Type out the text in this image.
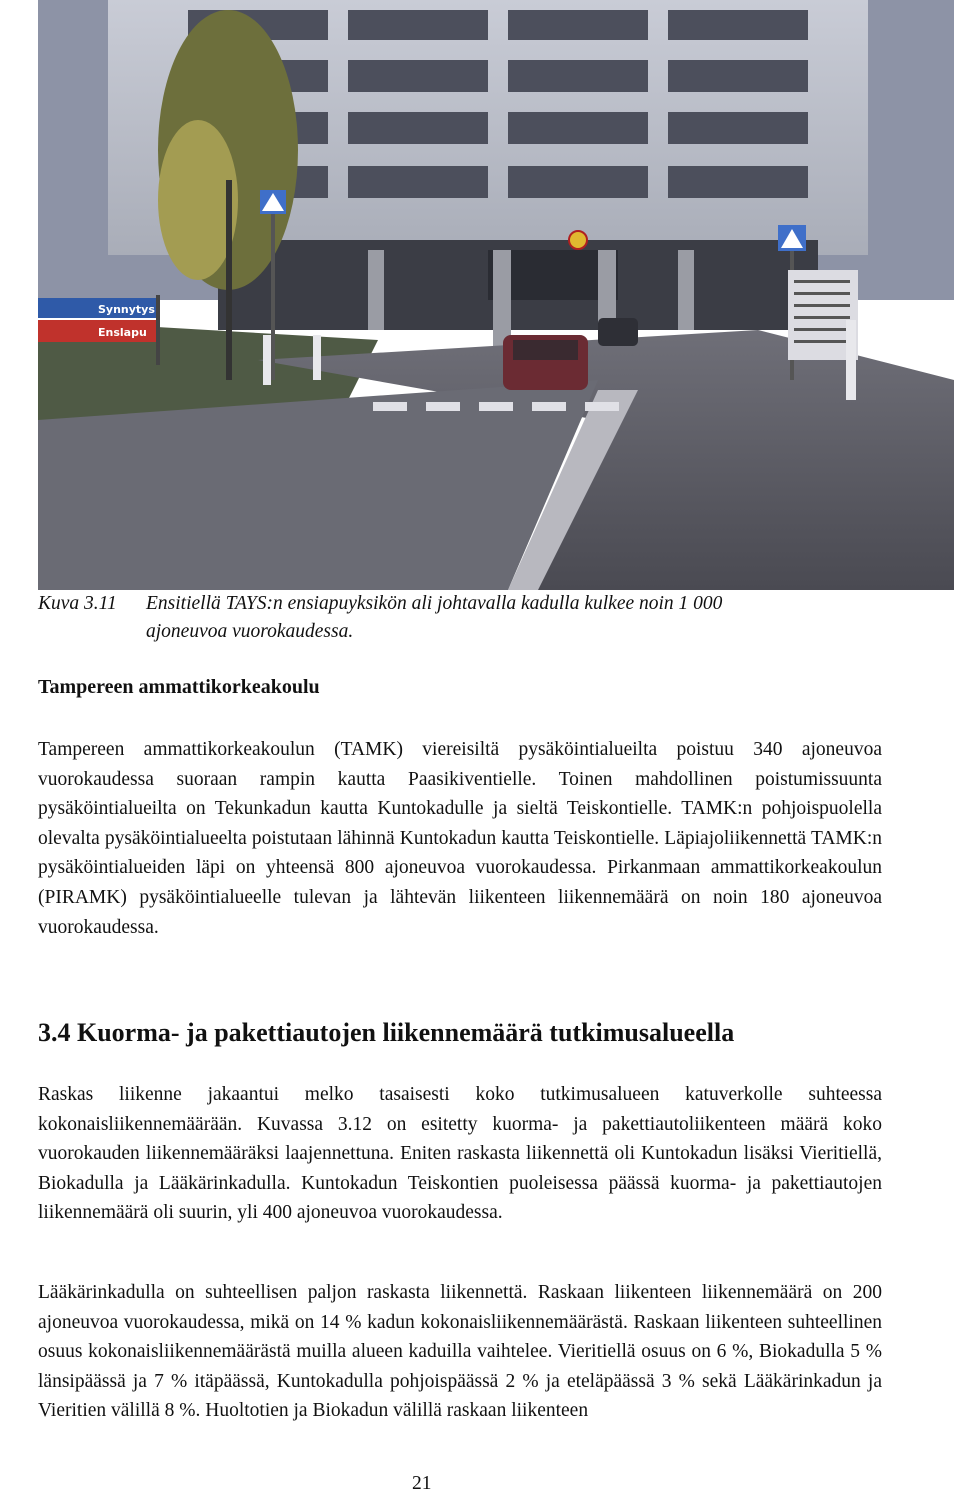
Synnytys
Enslapu
Kuva 3.11 Ensitiellä TAYS:n ensiapuyksikön ali johtavalla kadulla kulkee noin 1 000
ajoneuvoa vuorokaudessa.
Tampereen ammattikorkeakoulu
Tampereen ammattikorkeakoulun (TAMK) viereisiltä pysäköintialueilta poistuu 340 ajoneuvoa vuorokaudessa suoraan rampin kautta Paasikiventielle. Toinen mahdollinen poistumissuunta pysäköintialueilta on Tekunkadun kautta Kuntokadulle ja sieltä Teiskontielle. TAMK:n pohjoispuolella olevalta pysäköintialueelta poistutaan lähinnä Kuntokadun kautta Teiskontielle. Läpiajoliikennettä TAMK:n pysäköintialueiden läpi on yhteensä 800 ajoneuvoa vuorokaudessa. Pirkanmaan ammattikorkeakoulun (PIRAMK) pysäköintialueelle tulevan ja lähtevän liikenteen liikennemäärä on noin 180 ajoneuvoa vuorokaudessa.
3.4 Kuorma- ja pakettiautojen liikennemäärä tutkimusalueella
Raskas liikenne jakaantui melko tasaisesti koko tutkimusalueen katuverkolle suhteessa kokonaisliikennemäärään. Kuvassa 3.12 on esitetty kuorma- ja pakettiautoliikenteen määrä koko vuorokauden liikennemääräksi laajennettuna. Eniten raskasta liikennettä oli Kuntokadun lisäksi Vieritiellä, Biokadulla ja Lääkärinkadulla. Kuntokadun Teiskontien puoleisessa päässä kuorma- ja pakettiautojen liikennemäärä oli suurin, yli 400 ajoneuvoa vuorokaudessa.
Lääkärinkadulla on suhteellisen paljon raskasta liikennettä. Raskaan liikenteen liikennemäärä on 200 ajoneuvoa vuorokaudessa, mikä on 14 % kadun kokonaisliikennemäärästä. Raskaan liikenteen suhteellinen osuus kokonaisliikennemäärästä muilla alueen kaduilla vaihtelee. Vieritiellä osuus on 6 %, Biokadulla 5 % länsipäässä ja 7 % itäpäässä, Kuntokadulla pohjoispäässä 2 % ja eteläpäässä 3 % sekä Lääkärinkadun ja Vieritien välillä 8 %. Huoltotien ja Biokadun välillä raskaan liikenteen
21
